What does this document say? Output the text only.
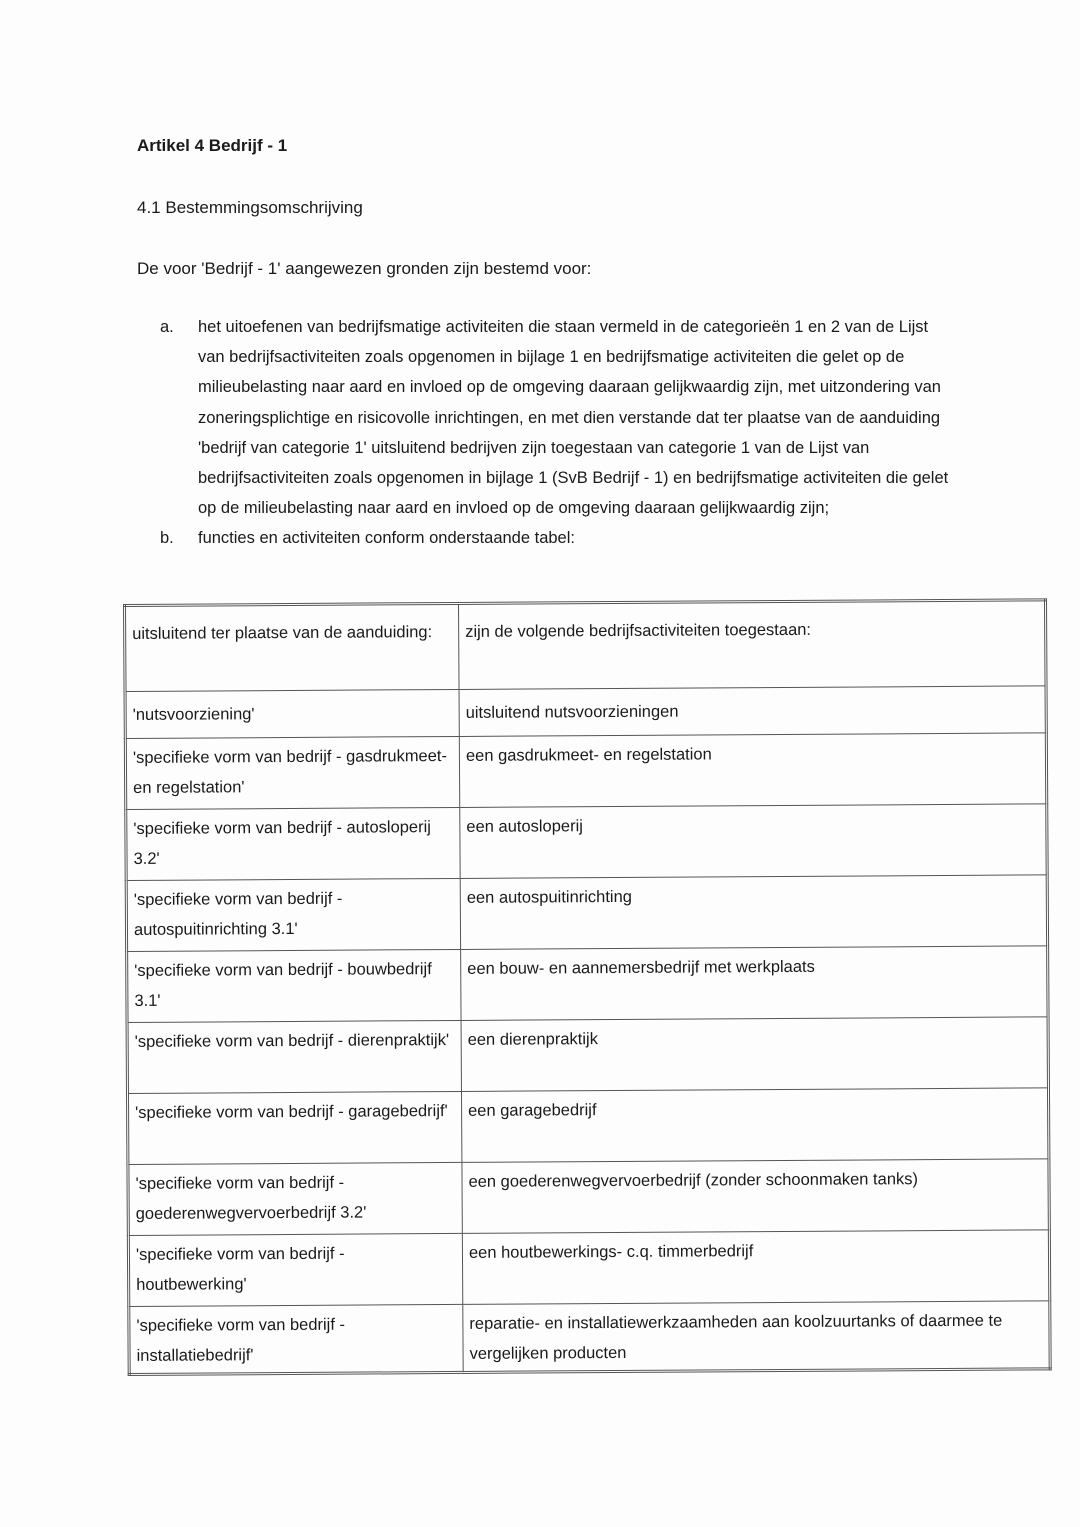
Artikel 4 Bedrijf - 1
4.1 Bestemmingsomschrijving
De voor 'Bedrijf - 1' aangewezen gronden zijn bestemd voor:
a.	het uitoefenen van bedrijfsmatige activiteiten die staan vermeld in de categorieën 1 en 2 van de Lijst van bedrijfsactiviteiten zoals opgenomen in bijlage 1 en bedrijfsmatige activiteiten die gelet op de milieubelasting naar aard en invloed op de omgeving daaraan gelijkwaardig zijn, met uitzondering van zoneringsplichtige en risicovolle inrichtingen, en met dien verstande dat ter plaatse van de aanduiding 'bedrijf van categorie 1' uitsluitend bedrijven zijn toegestaan van categorie 1 van de Lijst van bedrijfsactiviteiten zoals opgenomen in bijlage 1 (SvB Bedrijf - 1) en bedrijfsmatige activiteiten die gelet op de milieubelasting naar aard en invloed op de omgeving daaraan gelijkwaardig zijn;
b.	functies en activiteiten conform onderstaande tabel:
uitsluitend ter plaatse van de aanduiding:	zijn de volgende bedrijfsactiviteiten toegestaan:
'nutsvoorziening'	uitsluitend nutsvoorzieningen
'specifieke vorm van bedrijf - gasdrukmeet- en regelstation'	een gasdrukmeet- en regelstation
'specifieke vorm van bedrijf - autosloperij 3.2'	een autosloperij
'specifieke vorm van bedrijf - autospuitinrichting 3.1'	een autospuitinrichting
'specifieke vorm van bedrijf - bouwbedrijf 3.1'	een bouw- en aannemersbedrijf met werkplaats
'specifieke vorm van bedrijf - dierenpraktijk'	een dierenpraktijk
'specifieke vorm van bedrijf - garagebedrijf'	een garagebedrijf
'specifieke vorm van bedrijf - goederenwegvervoerbedrijf 3.2'	een goederenwegvervoerbedrijf (zonder schoonmaken tanks)
'specifieke vorm van bedrijf - houtbewerking'	een houtbewerkings- c.q. timmerbedrijf
'specifieke vorm van bedrijf - installatiebedrijf'	reparatie- en installatiewerkzaamheden aan koolzuurtanks of daarmee te vergelijken producten
